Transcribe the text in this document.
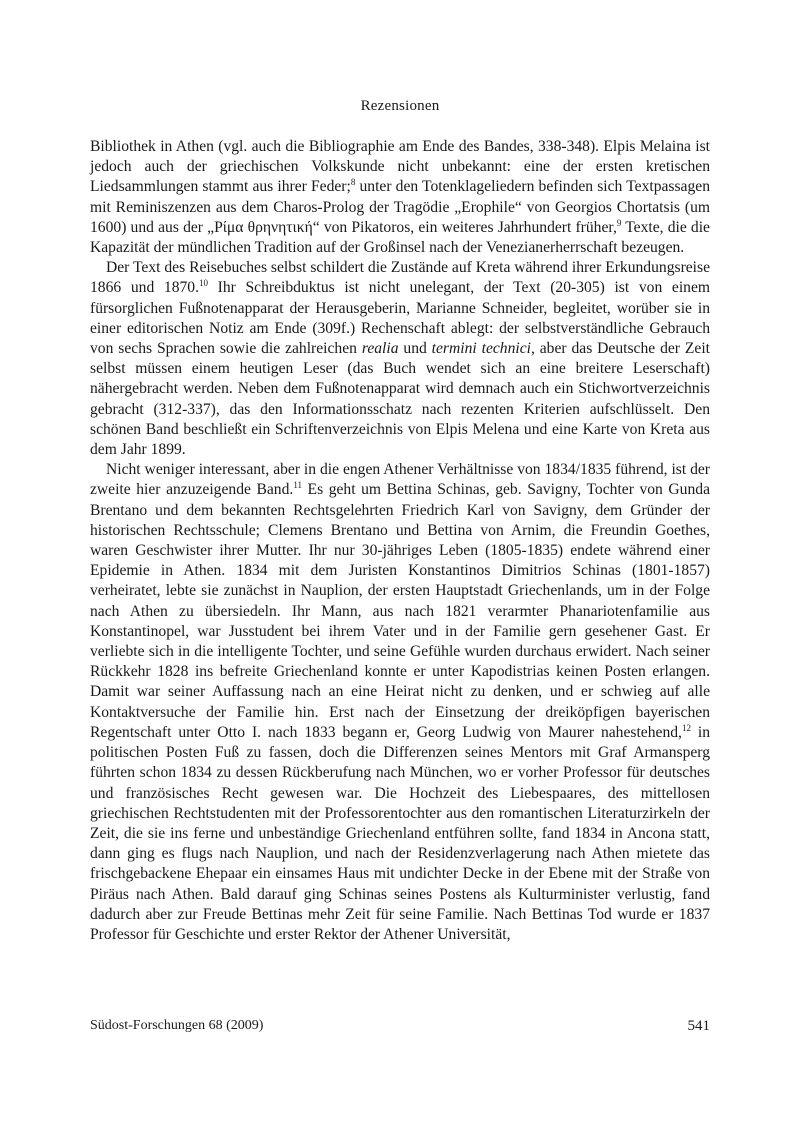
Rezensionen

Bibliothek in Athen (vgl. auch die Bibliographie am Ende des Bandes, 338-348). Elpis Melaina ist jedoch auch der griechischen Volkskunde nicht unbekannt: eine der ersten kretischen Liedsammlungen stammt aus ihrer Feder;$^8$ unter den Totenklageliedern befinden sich Textpassagen mit Reminiszenzen aus dem Charos-Prolog der Tragödie „Erophile“ von Georgios Chortatsis (um 1600) und aus der „Ρίμα θρηνητική“ von Pikatoros, ein weiteres Jahrhundert früher,$^9$ Texte, die die Kapazität der mündlichen Tradition auf der Großinsel nach der Venezianerherrschaft bezeugen.

Der Text des Reisebuches selbst schildert die Zustände auf Kreta während ihrer Erkundungsreise 1866 und 1870.10 Ihr Schreibduktus ist nicht unelegant, der Text (20-305) ist von einem fürsorglichen Fußnotenapparat der Herausgeberin, Marianne Schneider, begleitet, worüber sie in einer editorischen Notiz am Ende (309f.) Rechenschaft ablegt: der selbstverständliche Gebrauch von sechs Sprachen sowie die zahlreichen realia und termini technici, aber das Deutsche der Zeit selbst müssen einem heutigen Leser (das Buch wendet sich an eine breitere Leserschaft) nähergebracht werden. Neben dem Fußnotenapparat wird demnach auch ein Stichwortverzeichnis gebracht (312-337), das den Informationsschatz nach rezenten Kriterien aufschlüsselt. Den schönen Band beschließt ein Schriftenverzeichnis von Elpis Melena und eine Karte von Kreta aus dem Jahr 1899.

Nicht weniger interessant, aber in die engen Athener Verhältnisse von 1834/1835 führend, ist der zweite hier anzuzeigende Band.$^{11}$ Es geht um Bettina Schinas, geb. Savigny, Tochter von Gunda Brentano und dem bekannten Rechtsgelehrten Friedrich Karl von Savigny, dem Gründer der historischen Rechtsschule; Clemens Brentano und Bettina von Arnim, die Freundin Goethes, waren Geschwister ihrer Mutter. Ihr nur 30-jähriges Leben (1805-1835) endete während einer Epidemie in Athen. 1834 mit dem Juristen Konstantinos Dimitrios Schinas (1801-1857) verheiratet, lebte sie zunächst in Nauplion, der ersten Hauptstadt Griechenlands, um in der Folge nach Athen zu übersiedeln. Ihr Mann, aus nach 1821 verarmter Phanariotenfamilie aus Konstantinopel, war Jusstudent bei ihrem Vater und in der Familie gern gesehener Gast. Er verliebte sich in die intelligente Tochter, und seine Gefühle wurden durchaus erwidert. Nach seiner Rückkehr 1828 ins befreite Griechenland konnte er unter Kapodistrias keinen Posten erlangen. Damit war seiner Auffassung nach an eine Heirat nicht zu denken, und er schwieg auf alle Kontaktversuche der Familie hin. Erst nach der Einsetzung der dreiköpfigen bayerischen Regentschaft unter Otto I. nach 1833 begann er, Georg Ludwig von Maurer nahestehend,$^{12}$ in politischen Posten Fuß zu fassen, doch die Differenzen seines Mentors mit Graf Armansperg führten schon 1834 zu dessen Rückberufung nach München, wo er vorher Professor für deutsches und französisches Recht gewesen war. Die Hochzeit des Liebespaares, des mittellosen griechischen Rechtstudenten mit der Professorentochter aus den romantischen Literaturzirkeln der Zeit, die sie ins ferne und unbeständige Griechenland entführen sollte, fand 1834 in Ancona statt, dann ging es flugs nach Nauplion, und nach der Residenzverlagerung nach Athen mietete das frischgebackene Ehepaar ein einsames Haus mit undichter Decke in der Ebene mit der Straße von Piräus nach Athen. Bald darauf ging Schinas seines Postens als Kulturminister verlustig, fand dadurch aber zur Freude Bettinas mehr Zeit für seine Familie. Nach Bettinas Tod wurde er 1837 Professor für Geschichte und erster Rektor der Athener Universität,

Südost-Forschungen 68 (2009)	541
